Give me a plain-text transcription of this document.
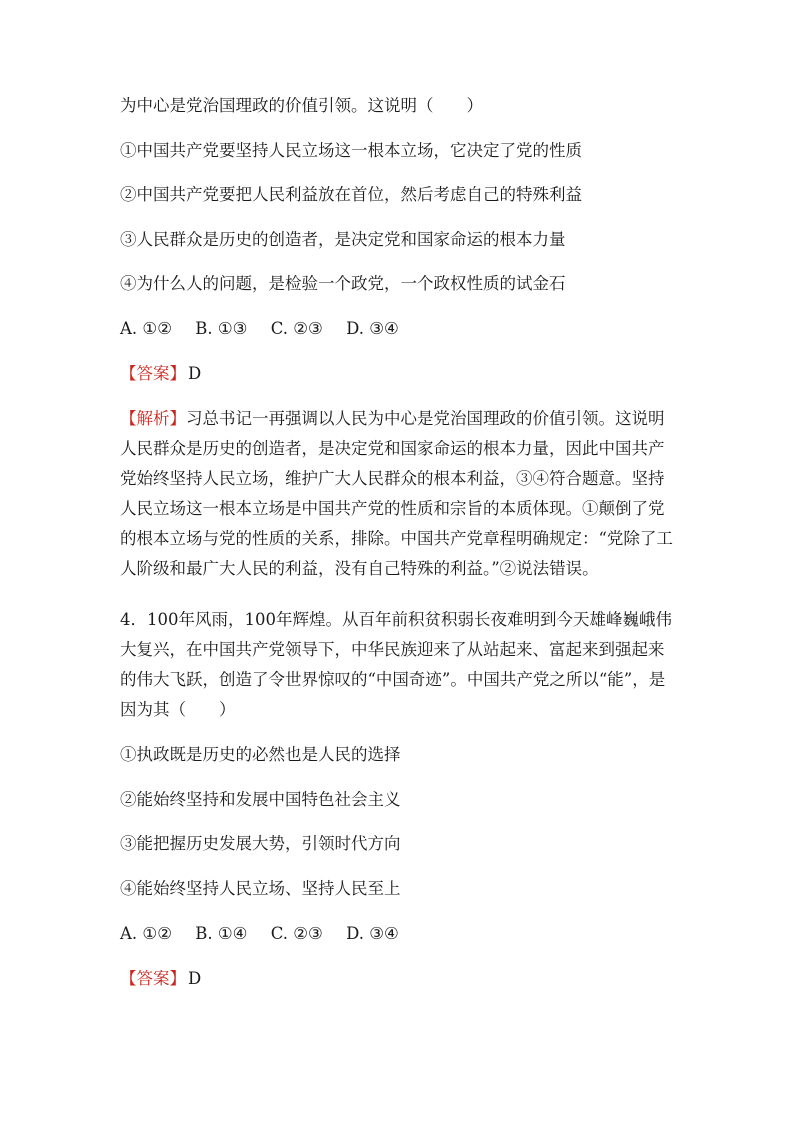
为中心是党治国理政的价值引领。这说明（　　）
①中国共产党要坚持人民立场这一根本立场，它决定了党的性质
②中国共产党要把人民利益放在首位，然后考虑自己的特殊利益
③人民群众是历史的创造者，是决定党和国家命运的根本力量
④为什么人的问题，是检验一个政党，一个政权性质的试金石
A. ①② B. ①③ C. ②③ D. ③④
【答案】 D
【解析】习总书记一再强调以人民为中心是党治国理政的价值引领。这说明人民群众是历史的创造者，是决定党和国家命运的根本力量，因此中国共产党始终坚持人民立场，维护广大人民群众的根本利益，③④符合题意。坚持人民立场这一根本立场是中国共产党的性质和宗旨的本质体现。①颠倒了党的根本立场与党的性质的关系，排除。中国共产党章程明确规定：“党除了工人阶级和最广大人民的利益，没有自己特殊的利益。”②说法错误。
4．100年风雨，100年辉煌。从百年前积贫积弱长夜难明到今天雄峰巍峨伟大复兴，在中国共产党领导下，中华民族迎来了从站起来、富起来到强起来的伟大飞跃，创造了令世界惊叹的“中国奇迹”。中国共产党之所以“能”，是因为其（　　）
①执政既是历史的必然也是人民的选择
②能始终坚持和发展中国特色社会主义
③能把握历史发展大势，引领时代方向
④能始终坚持人民立场、坚持人民至上
A. ①② B. ①④ C. ②③ D. ③④
【答案】 D
